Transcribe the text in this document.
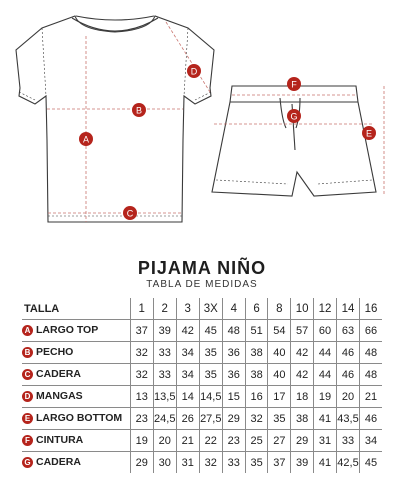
A
B
C
D
E
F
G
PIJAMA NIÑO
TABLA DE MEDIDAS
TALLA	1	2	3	3X	4	6	8	10	12	14	16
A LARGO TOP	37	39	42	45	48	51	54	57	60	63	66
B PECHO	32	33	34	35	36	38	40	42	44	46	48
C CADERA	32	33	34	35	36	38	40	42	44	46	48
D MANGAS	13	13,5	14	14,5	15	16	17	18	19	20	21
E LARGO BOTTOM	23	24,5	26	27,5	29	32	35	38	41	43,5	46
F CINTURA	19	20	21	22	23	25	27	29	31	33	34
G CADERA	29	30	31	32	33	35	37	39	41	42,5	45
